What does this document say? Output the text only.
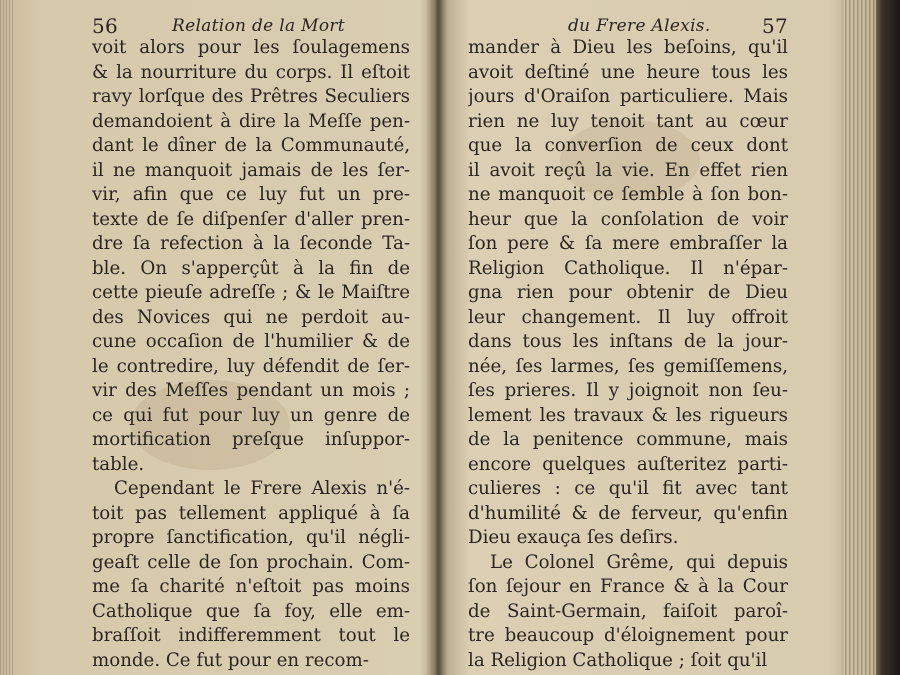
56	Relation de la Mort
voit alors pour les ſoulagemens
& la nourriture du corps. Il eſtoit
ravy lorſque des Prêtres Seculiers
demandoient à dire la Meſſe pen-
dant le dîner de la Communauté,
il ne manquoit jamais de les ſer-
vir, afin que ce luy fut un pre-
texte de ſe diſpenſer d'aller pren-
dre ſa refection à la ſeconde Ta-
ble. On s'apperçût à la fin de
cette pieuſe adreſſe ; & le Maiſtre
des Novices qui ne perdoit au-
cune occaſion de l'humilier & de
le contredire, luy défendit de ſer-
vir des Meſſes pendant un mois ;
ce qui fut pour luy un genre de
mortification preſque inſuppor-
table.
Cependant le Frere Alexis n'é-
toit pas tellement appliqué à ſa
propre ſanctification, qu'il négli-
geaſt celle de ſon prochain. Com-
me ſa charité n'eſtoit pas moins
Catholique que ſa foy, elle em-
braſſoit indifferemment tout le
monde. Ce fut pour en recom-
du Frere Alexis.	57
mander à Dieu les beſoins, qu'il
avoit deſtiné une heure tous les
jours d'Oraiſon particuliere. Mais
rien ne luy tenoit tant au cœur
que la converſion de ceux dont
il avoit reçû la vie. En effet rien
ne manquoit ce ſemble à ſon bon-
heur que la conſolation de voir
ſon pere & ſa mere embraſſer la
Religion Catholique. Il n'épar-
gna rien pour obtenir de Dieu
leur changement. Il luy offroit
dans tous les inſtans de la jour-
née, ſes larmes, ſes gemiſſemens,
ſes prieres. Il y joignoit non ſeu-
lement les travaux & les rigueurs
de la penitence commune, mais
encore quelques auſteritez parti-
culieres : ce qu'il fit avec tant
d'humilité & de ferveur, qu'enfin
Dieu exauça ſes deſirs.
Le Colonel Grême, qui depuis
ſon ſejour en France & à la Cour
de Saint-Germain, faiſoit paroî-
tre beaucoup d'éloignement pour
la Religion Catholique ; ſoit qu'il
